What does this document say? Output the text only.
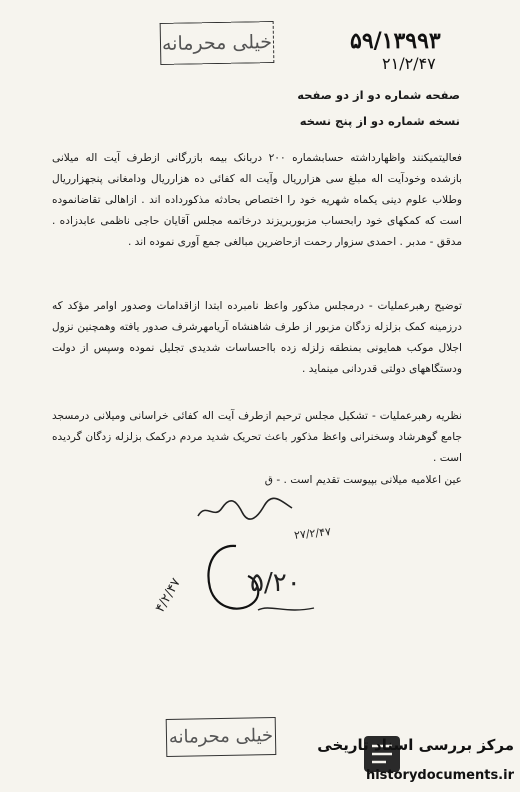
خیلی محرمانه	۵۹/۱۳۹۹۳
۲۱/۲/۴۷
صفحه شماره دو از دو صفحه
نسخه شماره دو از پنج نسخه
فعالیتمیکنند واظهارداشته حسابشماره ۲۰۰ دربانک بیمه بازرگانی ازطرف آیت اله میلانی بازشده وخودآیت اله مبلغ سی هزارریال وآیت اله کفائی ده هزارریال ودامغانی پنجهزارریال وطلاب علوم دینی یکماه شهریه خود را اختصاص بحادثه مذکورداده اند . ازاهالی تقاضانموده است که کمکهای خود رابحساب مزبوربریزند درخاتمه مجلس آقایان حاجی ناظمی عابدزاده . مدقق - مدبر . احمدی سزوار رحمت ازحاضرین مبالغی جمع آوری نموده اند .
توضیح رهبرعملیات - درمجلس مذکور واعظ نامبرده ابتدا ازاقدامات وصدور اوامر مؤکد که درزمینه کمک بزلزله زدگان مزبور از طرف شاهنشاه آریامهرشرف صدور یافته وهمچنین نزول اجلال موکب همایونی بمنطقه زلزله زده بااحساسات شدیدی تجلیل نموده وسپس از دولت ودستگاههای دولتی قدردانی مینماید .
نظریه رهبرعملیات - تشکیل مجلس ترحیم ازطرف آیت اله کفائی خراسانی ومیلانی درمسجد جامع گوهرشاد وسخنرانی واعظ مذکور باعث تحریک شدید مردم درکمک بزلزله زدگان گردیده است .
عین اعلامیه میلانی بپیوست تقدیم است . - ق
۲۷/۲/۴۷
۵/۲۰
۴/۲/۴۷
خیلی محرمانه	مرکز بررسی اسناد تاریخی
historydocuments.ir
